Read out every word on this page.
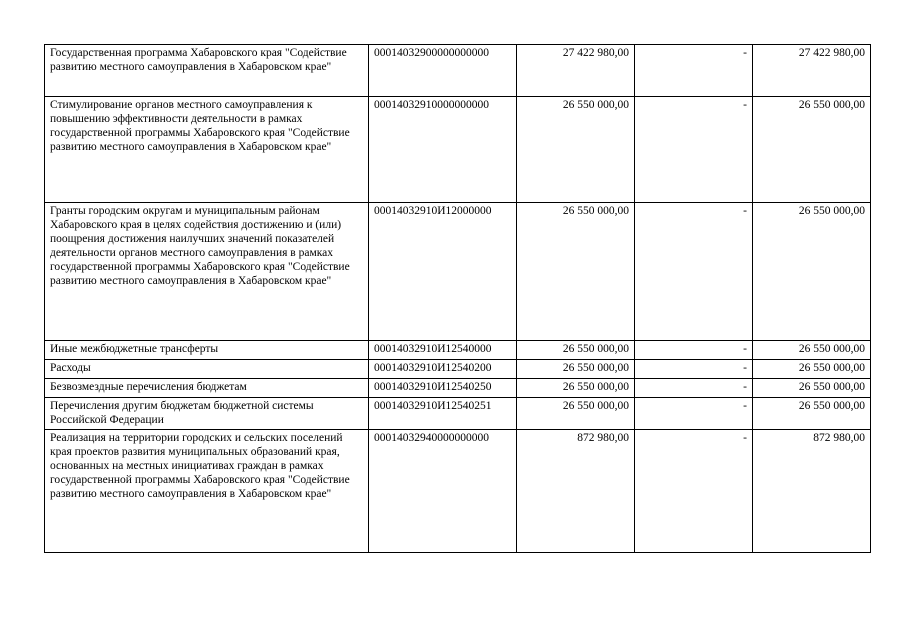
Государственная программа Хабаровского края "Содействие развитию местного самоуправления в Хабаровском крае"	00014032900000000000	27 422 980,00	-	27 422 980,00
Стимулирование органов местного самоуправления к повышению эффективности деятельности в рамках государственной программы Хабаровского края "Содействие развитию местного самоуправления в Хабаровском крае"	00014032910000000000	26 550 000,00	-	26 550 000,00
Гранты городским округам и муниципальным районам Хабаровского края в целях содействия достижению и (или) поощрения достижения наилучших значений показателей деятельности органов местного самоуправления в рамках государственной программы Хабаровского края "Содействие развитию местного самоуправления в Хабаровском крае"	00014032910И12000000	26 550 000,00	-	26 550 000,00
Иные межбюджетные трансферты	00014032910И12540000	26 550 000,00	-	26 550 000,00
Расходы	00014032910И12540200	26 550 000,00	-	26 550 000,00
Безвозмездные перечисления бюджетам	00014032910И12540250	26 550 000,00	-	26 550 000,00
Перечисления другим бюджетам бюджетной системы Российской Федерации	00014032910И12540251	26 550 000,00	-	26 550 000,00
Реализация на территории городских и сельских поселений края проектов развития муниципальных образований края, основанных на местных инициативах граждан в рамках государственной программы Хабаровского края "Содействие развитию местного самоуправления в Хабаровском крае"	00014032940000000000	872 980,00	-	872 980,00
